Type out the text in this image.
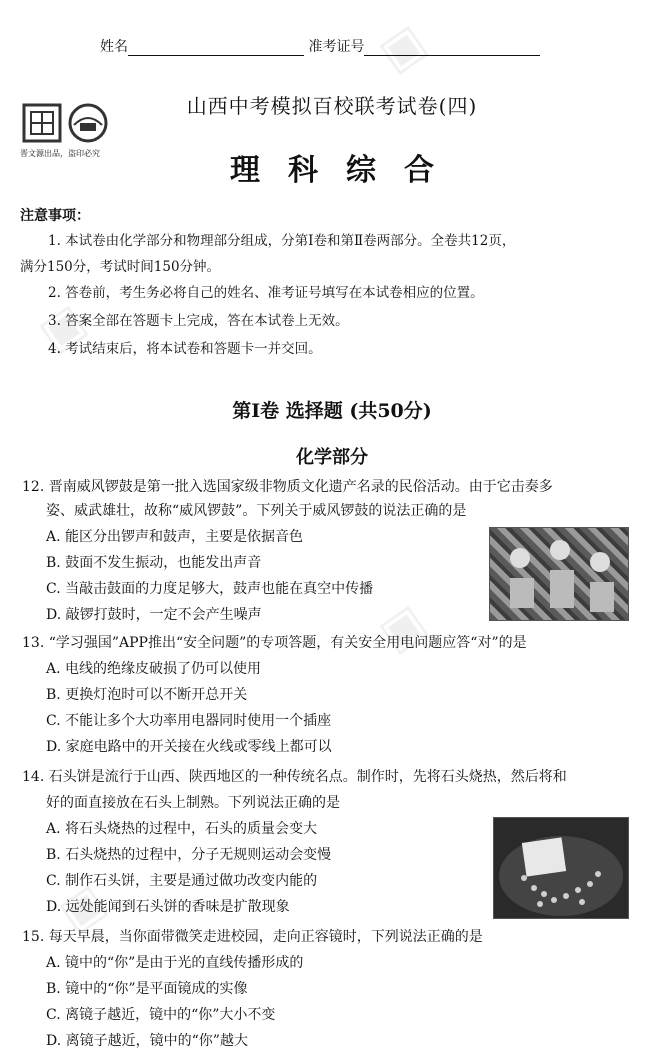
▣
▣
▣
▣
姓名	准考证号
晋文源出品，盗印必究
山西中考模拟百校联考试卷(四)
理科综合
注意事项：
1. 本试卷由化学部分和物理部分组成，分第Ⅰ卷和第Ⅱ卷两部分。全卷共12页，
满分150分，考试时间150分钟。
2. 答卷前，考生务必将自己的姓名、准考证号填写在本试卷相应的位置。
3. 答案全部在答题卡上完成，答在本试卷上无效。
4. 考试结束后，将本试卷和答题卡一并交回。
第Ⅰ卷 选择题 (共50分)
化学部分
12. 晋南威风锣鼓是第一批入选国家级非物质文化遗产名录的民俗活动。由于它击奏多
姿、威武雄壮，故称“威风锣鼓”。下列关于威风锣鼓的说法正确的是
A. 能区分出锣声和鼓声，主要是依据音色
B. 鼓面不发生振动，也能发出声音
C. 当敲击鼓面的力度足够大，鼓声也能在真空中传播
D. 敲锣打鼓时，一定不会产生噪声
13. “学习强国”APP推出“安全问题”的专项答题，有关安全用电问题应答“对”的是
A. 电线的绝缘皮破损了仍可以使用
B. 更换灯泡时可以不断开总开关
C. 不能让多个大功率用电器同时使用一个插座
D. 家庭电路中的开关接在火线或零线上都可以
14. 石头饼是流行于山西、陕西地区的一种传统名点。制作时，先将石头烧热，然后将和
好的面直接放在石头上制熟。下列说法正确的是
A. 将石头烧热的过程中，石头的质量会变大
B. 石头烧热的过程中，分子无规则运动会变慢
C. 制作石头饼，主要是通过做功改变内能的
D. 远处能闻到石头饼的香味是扩散现象
15. 每天早晨，当你面带微笑走进校园，走向正容镜时，下列说法正确的是
A. 镜中的“你”是由于光的直线传播形成的
B. 镜中的“你”是平面镜成的实像
C. 离镜子越近，镜中的“你”大小不变
D. 离镜子越近，镜中的“你”越大
